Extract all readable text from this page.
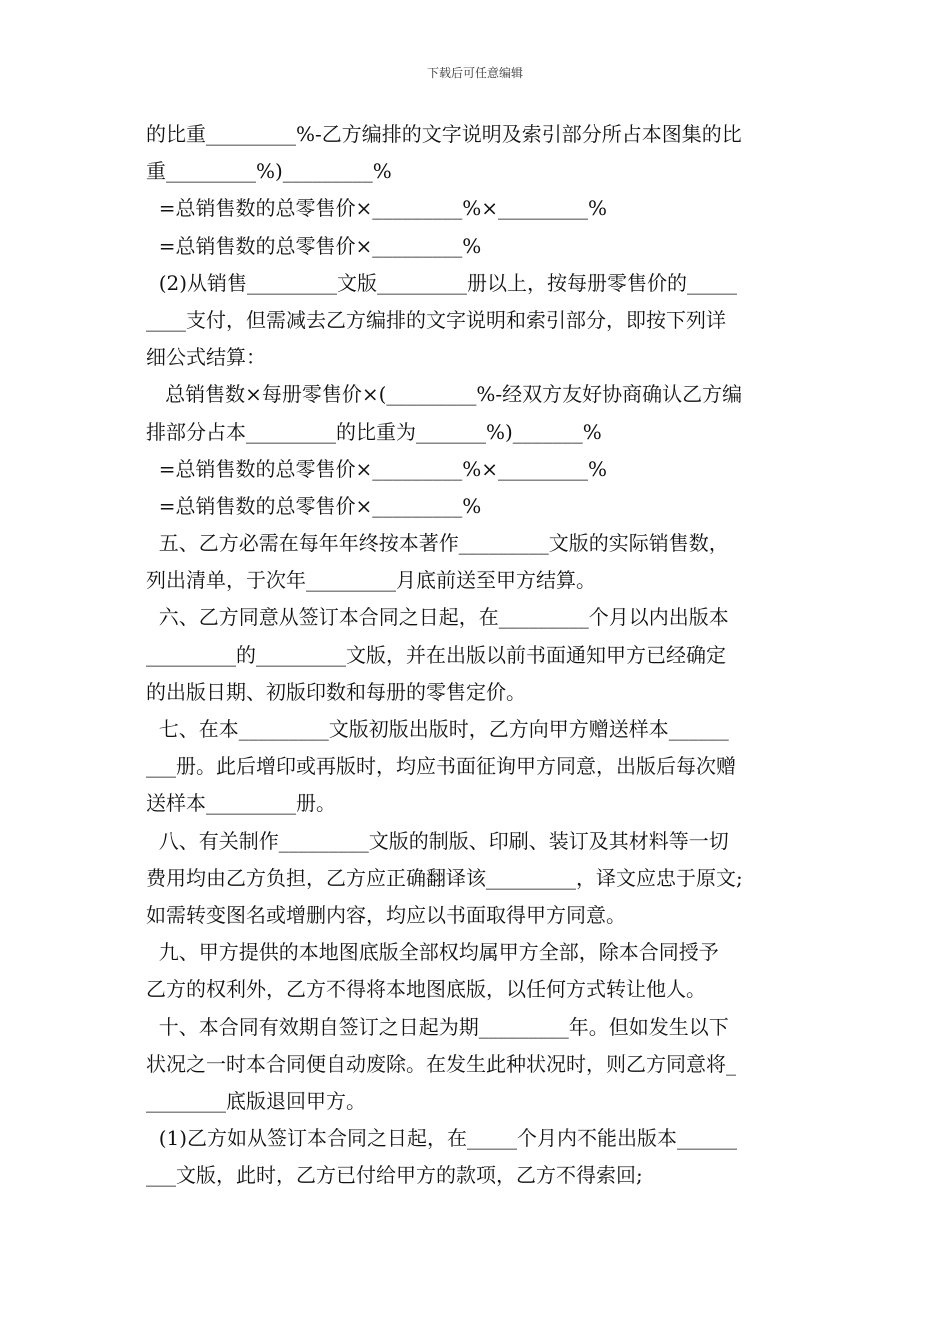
下载后可任意编辑
的比重_________%-乙方编排的文字说明及索引部分所占本图集的比
重_________%)_________%
=总销售数的总零售价×_________%×_________%
=总销售数的总零售价×_________%
(2)从销售_________文版_________册以上，按每册零售价的_____
____支付，但需减去乙方编排的文字说明和索引部分，即按下列详
细公式结算：
总销售数×每册零售价×(_________%-经双方友好协商确认乙方编
排部分占本_________的比重为_______%)_______%
=总销售数的总零售价×_________%×_________%
=总销售数的总零售价×_________%
五、乙方必需在每年年终按本著作_________文版的实际销售数，
列出清单，于次年_________月底前送至甲方结算。
六、乙方同意从签订本合同之日起，在_________个月以内出版本
_________的_________文版，并在出版以前书面通知甲方已经确定
的出版日期、初版印数和每册的零售定价。
七、在本_________文版初版出版时，乙方向甲方赠送样本______
___册。此后增印或再版时，均应书面征询甲方同意，出版后每次赠
送样本_________册。
八、有关制作_________文版的制版、印刷、装订及其材料等一切
费用均由乙方负担，乙方应正确翻译该_________，译文应忠于原文;
如需转变图名或增删内容，均应以书面取得甲方同意。
九、甲方提供的本地图底版全部权均属甲方全部，除本合同授予
乙方的权利外，乙方不得将本地图底版，以任何方式转让他人。
十、本合同有效期自签订之日起为期_________年。但如发生以下
状况之一时本合同便自动废除。在发生此种状况时，则乙方同意将_
________底版退回甲方。
(1)乙方如从签订本合同之日起，在_____个月内不能出版本______
___文版，此时，乙方已付给甲方的款项，乙方不得索回;
